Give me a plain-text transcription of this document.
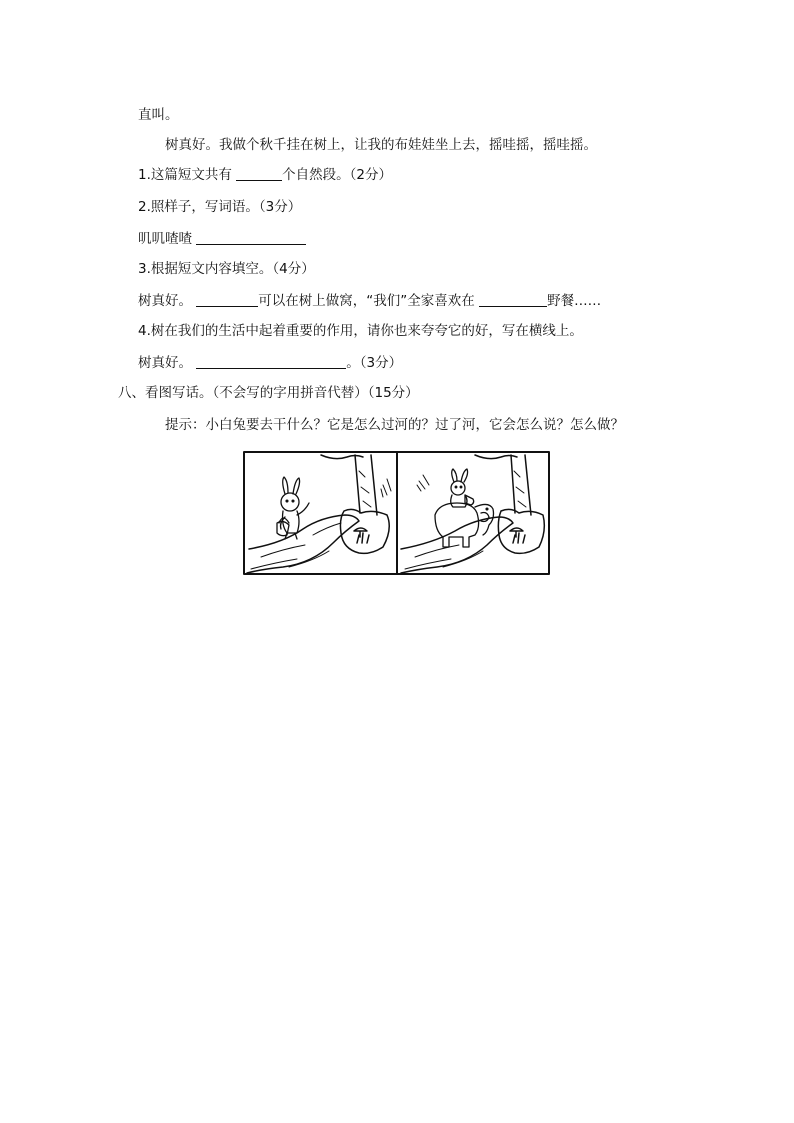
直叫。
树真好。我做个秋千挂在树上，让我的布娃娃坐上去，摇哇摇，摇哇摇。
1.这篇短文共有	个自然段。（2分）
2.照样子，写词语。（3分）
叽叽喳喳
3.根据短文内容填空。（4分）
树真好。	可以在树上做窝，“我们”全家喜欢在	野餐……
4.树在我们的生活中起着重要的作用，请你也来夸夸它的好，写在横线上。
树真好。	。（3分）
八、看图写话。（不会写的字用拼音代替）（15分）
提示：小白兔要去干什么？它是怎么过河的？过了河，它会怎么说？怎么做？
